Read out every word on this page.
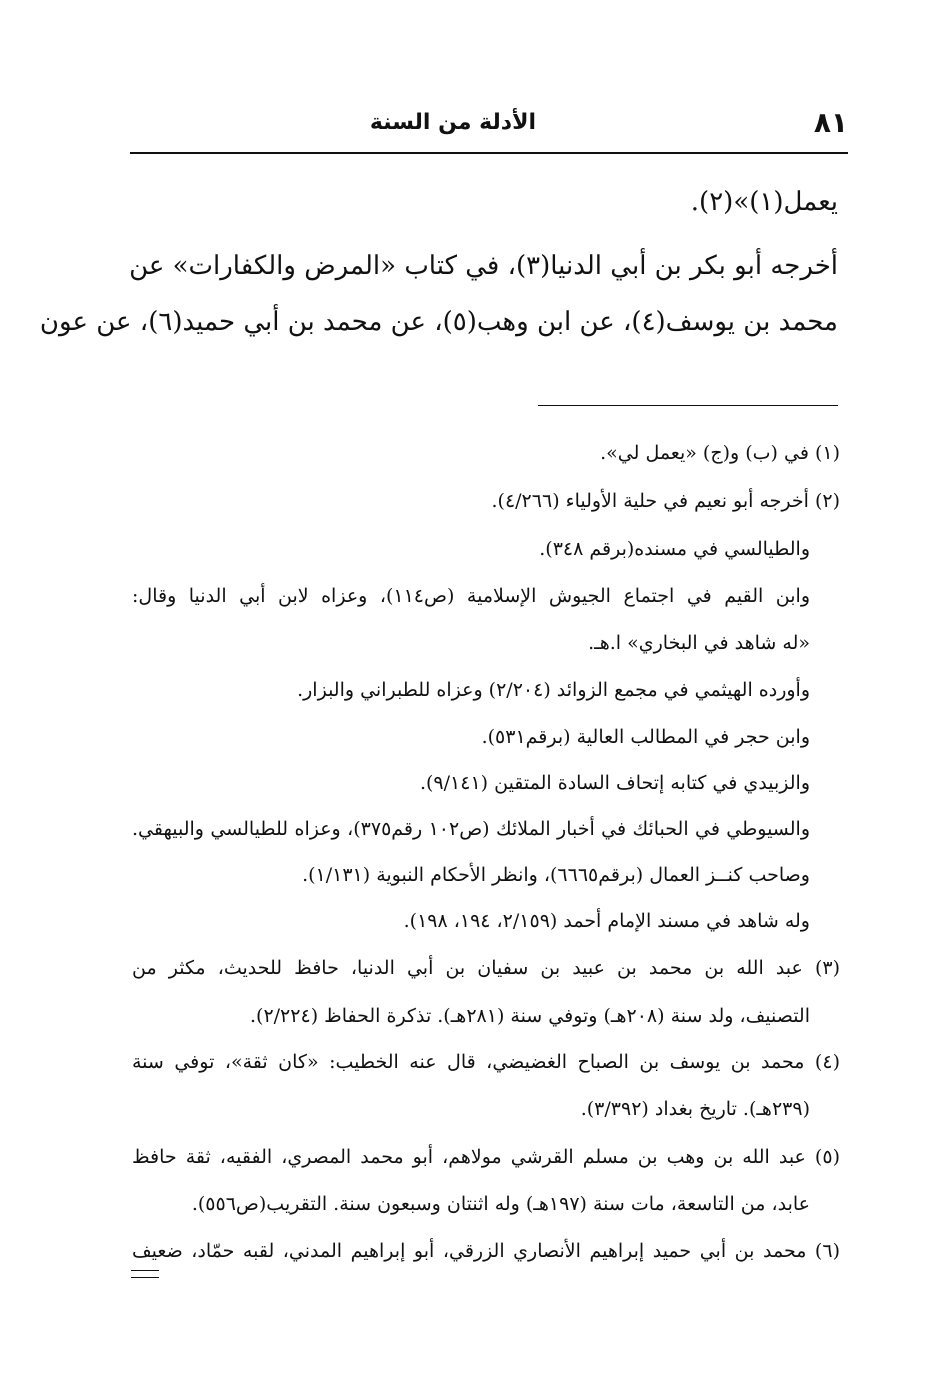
٨١
الأدلة من السنة
يعمل(١)»(٢).
أخرجه أبو بكر بن أبي الدنيا(٣)، في كتاب «المرض والكفارات» عن
محمد بن يوسف(٤)، عن ابن وهب(٥)، عن محمد بن أبي حميد(٦)، عن عون
(١) في (ب) و(ج) «يعمل لي».
(٢) أخرجه أبو نعيم في حلية الأولياء (٤/٢٦٦).
والطيالسي في مسنده(برقم ٣٤٨).
وابن القيم في اجتماع الجيوش الإسلامية (ص١١٤)، وعزاه لابن أبي الدنيا وقال:
«له شاهد في البخاري» ا.هـ.
وأورده الهيثمي في مجمع الزوائد (٢/٢٠٤) وعزاه للطبراني والبزار.
وابن حجر في المطالب العالية (برقم٥٣١).
والزبيدي في كتابه إتحاف السادة المتقين (٩/١٤١).
والسيوطي في الحبائك في أخبار الملائك (ص١٠٢ رقم٣٧٥)، وعزاه للطيالسي والبيهقي.
وصاحب كنــز العمال (برقم٦٦٦٥)، وانظر الأحكام النبوية (١/١٣١).
وله شاهد في مسند الإمام أحمد (٢/١٥٩، ١٩٤، ١٩٨).
(٣) عبد الله بن محمد بن عبيد بن سفيان بن أبي الدنيا، حافظ للحديث، مكثر من
التصنيف، ولد سنة (٢٠٨هـ) وتوفي سنة (٢٨١هـ). تذكرة الحفاظ (٢/٢٢٤).
(٤) محمد بن يوسف بن الصباح الغضيضي، قال عنه الخطيب: «كان ثقة»، توفي سنة
(٢٣٩هـ). تاريخ بغداد (٣/٣٩٢).
(٥) عبد الله بن وهب بن مسلم القرشي مولاهم، أبو محمد المصري، الفقيه، ثقة حافظ
عابد، من التاسعة، مات سنة (١٩٧هـ) وله اثنتان وسبعون سنة. التقريب(ص٥٥٦).
(٦) محمد بن أبي حميد إبراهيم الأنصاري الزرقي، أبو إبراهيم المدني، لقبه حمّاد، ضعيف
